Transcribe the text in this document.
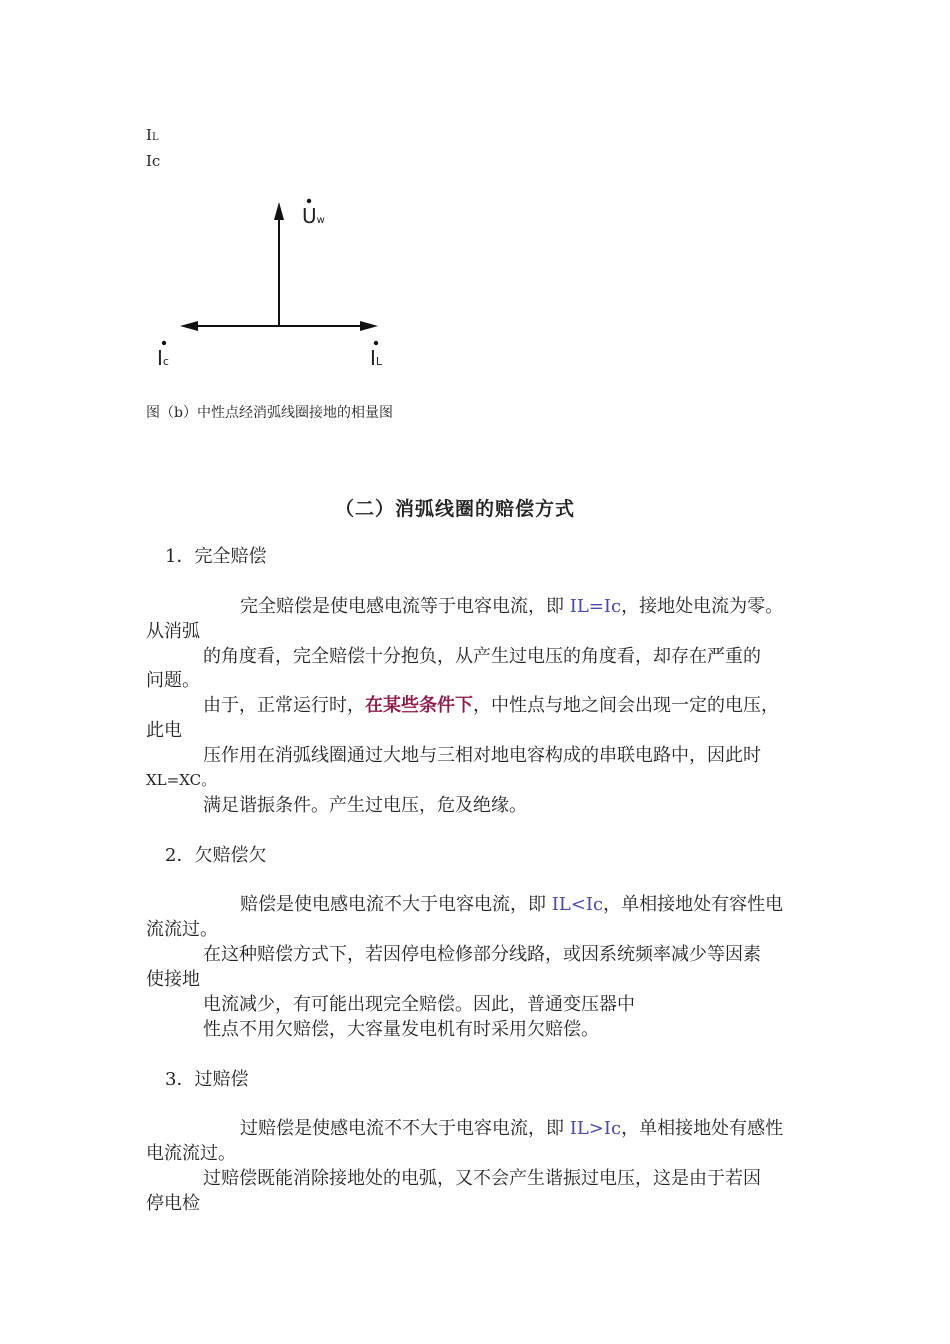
IL
Ic
Uw
Ic	IL
图（b）中性点经消弧线圈接地的相量图
（二）消弧线圈的赔偿方式
1．完全赔偿
完全赔偿是使电感电流等于电容电流，即 IL=Ic，接地处电流为零。
从消弧
的角度看，完全赔偿十分抱负，从产生过电压的角度看，却存在严重的
问题。
由于，正常运行时，在某些条件下，中性点与地之间会出现一定的电压，
此电
压作用在消弧线圈通过大地与三相对地电容构成的串联电路中，因此时
XL=XC。
满足谐振条件。产生过电压，危及绝缘。
2．欠赔偿欠
赔偿是使电感电流不大于电容电流，即 IL<Ic，单相接地处有容性电
流流过。
在这种赔偿方式下，若因停电检修部分线路，或因系统频率减少等因素
使接地
电流减少，有可能出现完全赔偿。因此，普通变压器中
性点不用欠赔偿，大容量发电机有时采用欠赔偿。
3．过赔偿
过赔偿是使感电流不不大于电容电流，即 IL>Ic，单相接地处有感性
电流流过。
过赔偿既能消除接地处的电弧，又不会产生谐振过电压，这是由于若因
停电检
